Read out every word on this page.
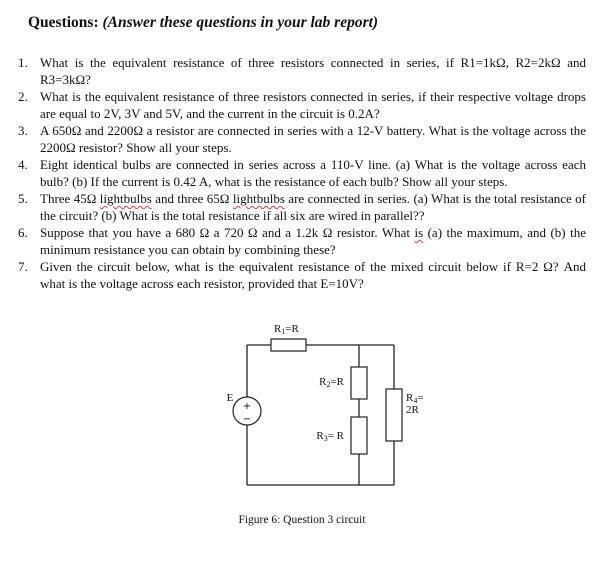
Questions: (Answer these questions in your lab report)
1. What is the equivalent resistance of three resistors connected in series, if R1=1kΩ, R2=2kΩ and R3=3kΩ?
2. What is the equivalent resistance of three resistors connected in series, if their respective voltage drops are equal to 2V, 3V and 5V, and the current in the circuit is 0.2A?
3. A 650Ω and 2200Ω a resistor are connected in series with a 12-V battery. What is the voltage across the 2200Ω resistor? Show all your steps.
4. Eight identical bulbs are connected in series across a 110-V line. (a) What is the voltage across each bulb? (b) If the current is 0.42 A, what is the resistance of each bulb? Show all your steps.
5. Three 45Ω lightbulbs and three 65Ω lightbulbs are connected in series. (a) What is the total resistance of the circuit? (b) What is the total resistance if all six are wired in parallel??
6. Suppose that you have a 680 Ω a 720 Ω and a 1.2k Ω resistor. What is (a) the maximum, and (b) the minimum resistance you can obtain by combining these?
7. Given the circuit below, what is the equivalent resistance of the mixed circuit below if R=2 Ω? And what is the voltage across each resistor, provided that E=10V?
+
−
E
R1=R
R2=R
R3= R
R4=
2R
Figure 6: Question 3 circuit
